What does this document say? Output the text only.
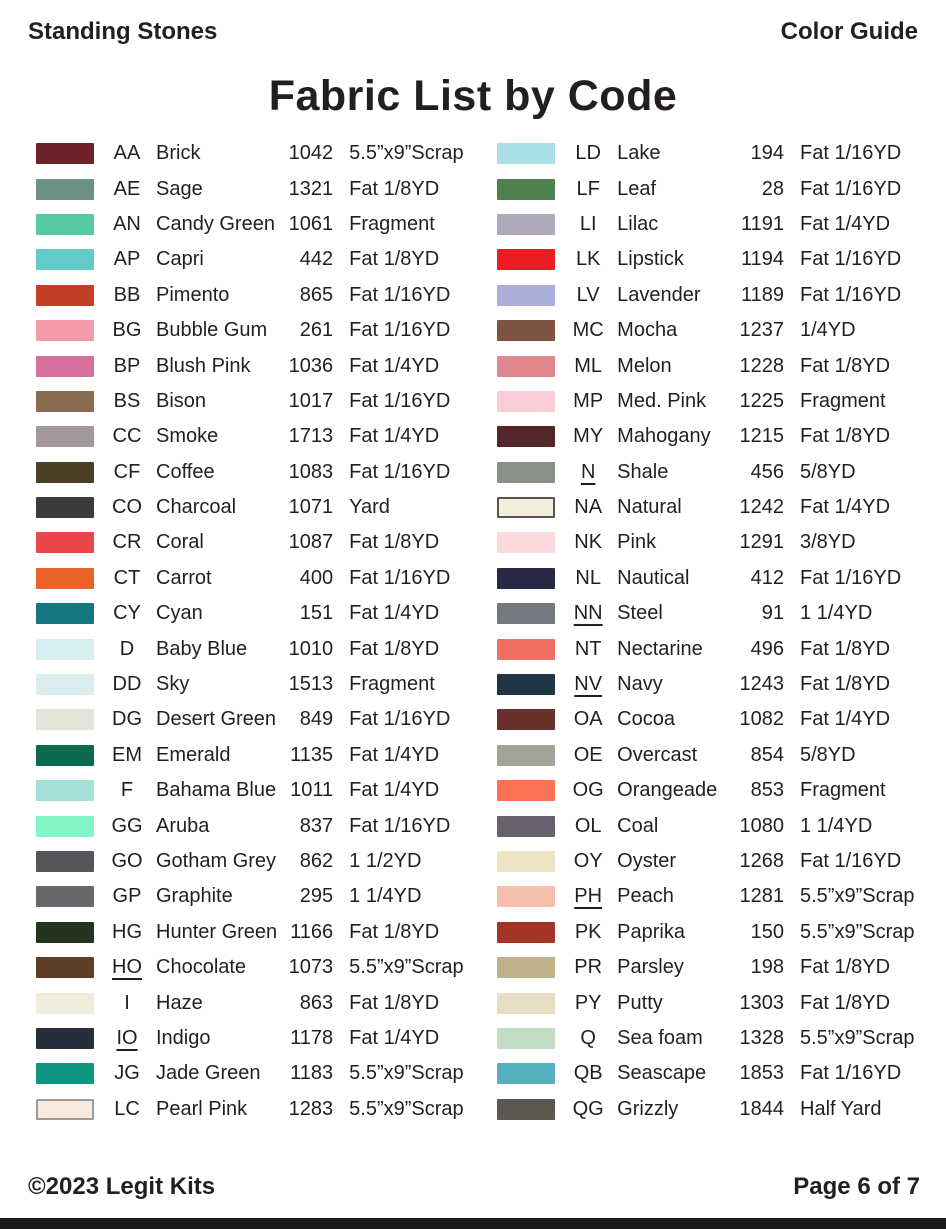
Standing Stones	Color Guide
Fabric List by Code
AA Brick	1042 5.5”x9”Scrap
AE Sage	1321 Fat 1/8YD
AN Candy Green 1061 Fragment
AP Capri	442 Fat 1/8YD
BB Pimento	865 Fat 1/16YD
BG Bubble Gum	261 Fat 1/16YD
BP Blush Pink	1036 Fat 1/4YD
BS Bison	1017 Fat 1/16YD
CC Smoke	1713 Fat 1/4YD
CF Coffee	1083 Fat 1/16YD
CO Charcoal	1071 Yard
CR Coral	1087 Fat 1/8YD
CT Carrot	400 Fat 1/16YD
CY Cyan	151 Fat 1/4YD
D	Baby Blue	1010 Fat 1/8YD
DD Sky	1513 Fragment
DG Desert Green	849 Fat 1/16YD
EM Emerald	1135 Fat 1/4YD
F	Bahama Blue 1011 Fat 1/4YD
GG Aruba	837 Fat 1/16YD
GO Gotham Grey	862 1 1/2YD
GP Graphite	295 1 1/4YD
HG Hunter Green 1166 Fat 1/8YD
HO Chocolate	1073 5.5”x9”Scrap
I	Haze	863 Fat 1/8YD
IO Indigo	1178 Fat 1/4YD
JG Jade Green	1183 5.5”x9”Scrap
LC Pearl Pink	1283 5.5”x9”Scrap
LD Lake	194 Fat 1/16YD
LF Leaf	28 Fat 1/16YD
LI	Lilac	1191 Fat 1/4YD
LK Lipstick	1194 Fat 1/16YD
LV Lavender	1189 Fat 1/16YD
MC Mocha	1237 1/4YD
ML Melon	1228 Fat 1/8YD
MP Med. Pink	1225 Fragment
MY Mahogany	1215 Fat 1/8YD
N	Shale	456 5/8YD
NA Natural	1242 Fat 1/4YD
NK Pink	1291 3/8YD
NL Nautical	412 Fat 1/16YD
NN Steel	91 1 1/4YD
NT Nectarine	496 Fat 1/8YD
NV Navy	1243 Fat 1/8YD
OA Cocoa	1082 Fat 1/4YD
OE Overcast	854 5/8YD
OG Orangeade	853 Fragment
OL Coal	1080 1 1/4YD
OY Oyster	1268 Fat 1/16YD
PH Peach	1281 5.5”x9”Scrap
PK Paprika	150 5.5”x9”Scrap
PR Parsley	198 Fat 1/8YD
PY Putty	1303 Fat 1/8YD
Q	Sea foam	1328 5.5”x9”Scrap
QB Seascape	1853 Fat 1/16YD
QG Grizzly	1844 Half Yard
©2023 Legit Kits	Page 6 of 7
